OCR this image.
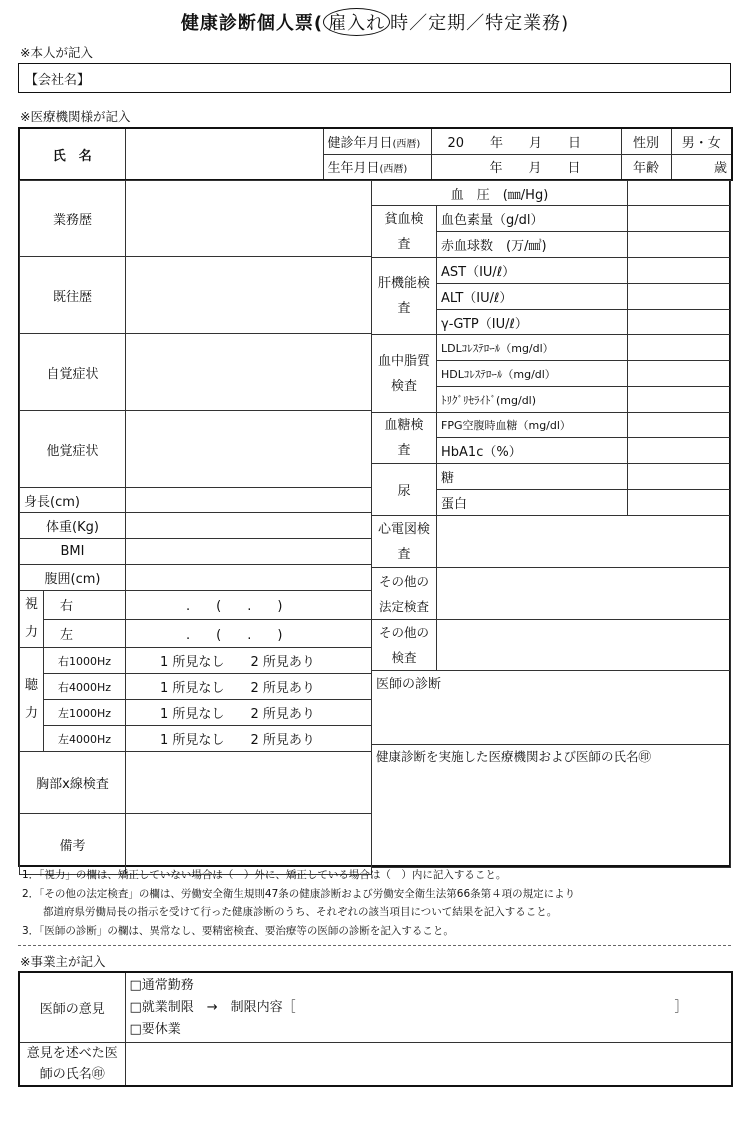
健康診断個人票( 雇入れ 時／定期／特定業務)
※本人が記入
【会社名】
※医療機関様が記入
氏　名		健診年月日(西暦)	20　　年　　月　　日	性別	男・女
		生年月日(西暦)	年　　月　　日	年齢	歳
業務歴		
既往歴		
自覚症状		
他覚症状		
身長(cm)		
体重(Kg)		
BMI		
腹囲(cm)		
視力	右	.　　(　　.　　)
	左	.　　(　　.　　)
聴力	右1000Hz	1 所見なし　　 2 所見あり
	右4000Hz	1 所見なし　　 2 所見あり
	左1000Hz	1 所見なし　　 2 所見あり
	左4000Hz	1 所見なし　　 2 所見あり
胸部x線検査		
備考		
血　圧　(㎜/Hg)		
貧血検査	血色素量（g/dl）	
	赤血球数　(万/㎣)	
肝機能検査	AST（IU/ℓ）	
	ALT（IU/ℓ）	
	γ-GTP（IU/ℓ）	
血中脂質検査	LDLｺﾚｽﾃﾛｰﾙ（mg/dl）	
	HDLｺﾚｽﾃﾛｰﾙ（mg/dl）	
	ﾄﾘｸﾞﾘｾﾗｲﾄﾞ(mg/dl)	
血糖検査	FPG空腹時血糖（mg/dl）	
	HbA1c（%）	
尿	糖	
	蛋白	
心電図検査		
その他の法定検査		
その他の検査		
医師の診断		
健康診断を実施した医療機関および医師の氏名㊞		
1．「視力」の欄は、矯正していない場合は（　）外に、矯正している場合は（　）内に記入すること。
2．「その他の法定検査」の欄は、労働安全衛生規則47条の健康診断および労働安全衛生法第66条第４項の規定により
　　都道府県労働局長の指示を受けて行った健康診断のうち、それぞれの該当項目について結果を記入すること。
3．「医師の診断」の欄は、異常なし、要精密検査、要治療等の医師の診断を記入すること。
※事業主が記入
医師の意見	□通常勤務
□就業制限　→　制限内容［ ］
□要休業

意見を述べた医師の氏名㊞	
